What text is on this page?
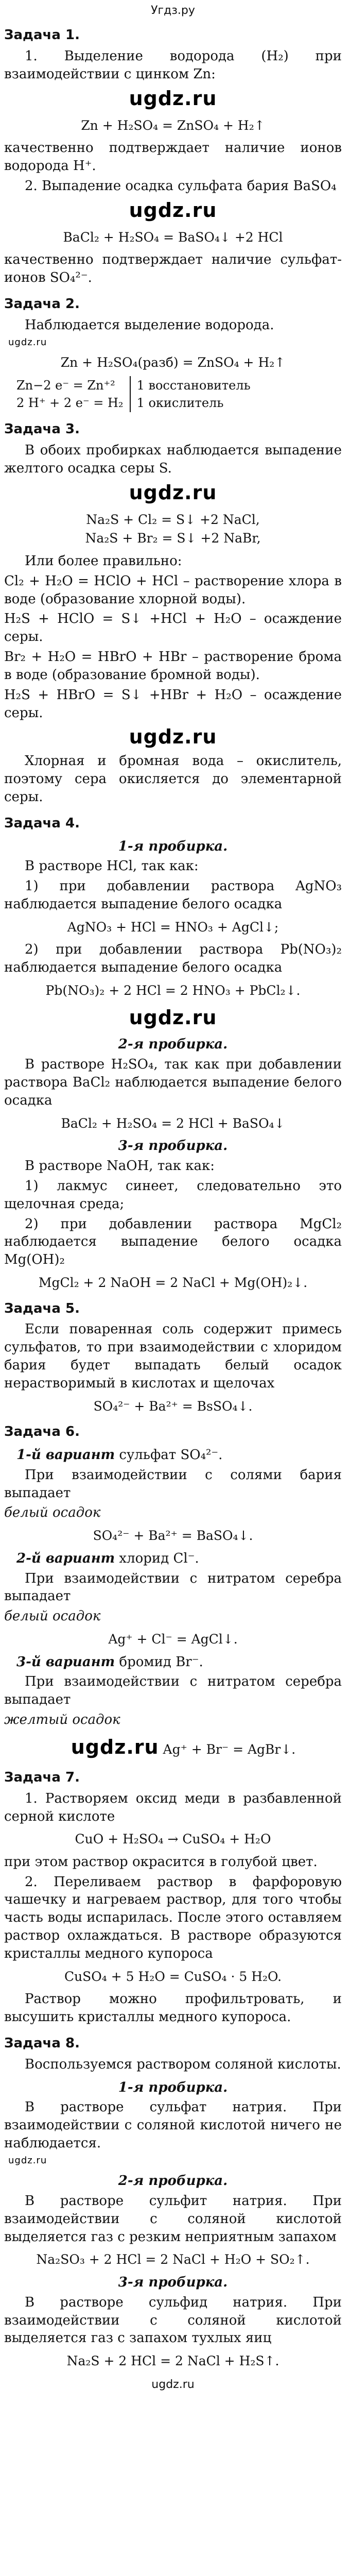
Угдз.ру
Задача 1.
1. Выделение водорода (H₂) при взаимодействии с цинком Zn:
ugdz.ru
Zn + H₂SO₄ = ZnSO₄ + H₂↑
качественно подтверждает наличие ионов водорода H⁺.
2. Выпадение осадка сульфата бария BaSO₄
ugdz.ru
BaCl₂ + H₂SO₄ = BaSO₄↓ +2 HCl
качественно подтверждает наличие сульфат-ионов SO₄²⁻.
Задача 2.
Наблюдается выделение водорода.
ugdz.ru
Zn + H₂SO₄(разб) = ZnSO₄ + H₂↑
Zn−2 e⁻ = Zn⁺²
2 H⁺ + 2 e⁻ = H₂
1 восстановитель
1 окислитель
Задача 3.
В обоих пробирках наблюдается выпадение желтого осадка серы S.
ugdz.ru
Na₂S + Cl₂ = S↓ +2 NaCl,
Na₂S + Br₂ = S↓ +2 NaBr,
Или более правильно:
Cl₂ + H₂O = HClO + HCl – растворение хлора в воде (образование хлорной воды).
H₂S + HClO = S↓ +HCl + H₂O – осаждение серы.
Br₂ + H₂O = HBrO + HBr – растворение брома в воде (образование бромной воды).
H₂S + HBrO = S↓ +HBr + H₂O – осаждение серы.
ugdz.ru
Хлорная и бромная вода – окислитель, поэтому сера окисляется до элементарной серы.
Задача 4.
1-я пробирка.
В растворе HCl, так как:
1) при добавлении раствора AgNO₃ наблюдается выпадение белого осадка
AgNO₃ + HCl = HNO₃ + AgCl↓;
2) при добавлении раствора Pb(NO₃)₂ наблюдается выпадение белого осадка
Pb(NO₃)₂ + 2 HCl = 2 HNO₃ + PbCl₂↓.
ugdz.ru
2-я пробирка.
В растворе H₂SO₄, так как при добавлении раствора BaCl₂ наблюдается выпадение белого осадка
BaCl₂ + H₂SO₄ = 2 HCl + BaSO₄↓
3-я пробирка.
В растворе NaOH, так как:
1) лакмус синеет, следовательно это щелочная среда;
2) при добавлении раствора MgCl₂ наблюдается выпадение белого осадка Mg(OH)₂
MgCl₂ + 2 NaOH = 2 NaCl + Mg(OH)₂↓.
Задача 5.
Если поваренная соль содержит примесь сульфатов, то при взаимодействии с хлоридом бария будет выпадать белый осадок нерастворимый в кислотах и щелочах
SO₄²⁻ + Ba²⁺ = BsSO₄↓.
Задача 6.
1-й вариант сульфат SO₄²⁻.
При взаимодействии с солями бария выпадает
белый осадок
SO₄²⁻ + Ba²⁺ = BaSO₄↓.
2-й вариант хлорид Cl⁻.
При взаимодействии с нитратом серебра выпадает
белый осадок
Ag⁺ + Cl⁻ = AgCl↓.
3-й вариант бромид Br⁻.
При взаимодействии с нитратом серебра выпадает
желтый осадок
ugdz.ru Ag⁺ + Br⁻ = AgBr↓.
Задача 7.
1. Растворяем оксид меди в разбавленной серной кислоте
CuO + H₂SO₄ → CuSO₄ + H₂O
при этом раствор окрасится в голубой цвет.
2. Переливаем раствор в фарфоровую чашечку и нагреваем раствор, для того чтобы часть воды испарилась. После этого оставляем раствор охлаждаться. В растворе образуются кристаллы медного купороса
CuSO₄ + 5 H₂O = CuSO₄ · 5 H₂O.
Раствор можно профильтровать, и высушить кристаллы медного купороса.
Задача 8.
Воспользуемся раствором соляной кислоты.
1-я пробирка.
В растворе сульфат натрия. При взаимодействии с соляной кислотой ничего не наблюдается.
ugdz.ru
2-я пробирка.
В растворе сульфит натрия. При взаимодействии с соляной кислотой выделяется газ с резким неприятным запахом
Na₂SO₃ + 2 HCl = 2 NaCl + H₂O + SO₂↑.
3-я пробирка.
В растворе сульфид натрия. При взаимодействии с соляной кислотой выделяется газ с запахом тухлых яиц
Na₂S + 2 HCl = 2 NaCl + H₂S↑.
ugdz.ru
